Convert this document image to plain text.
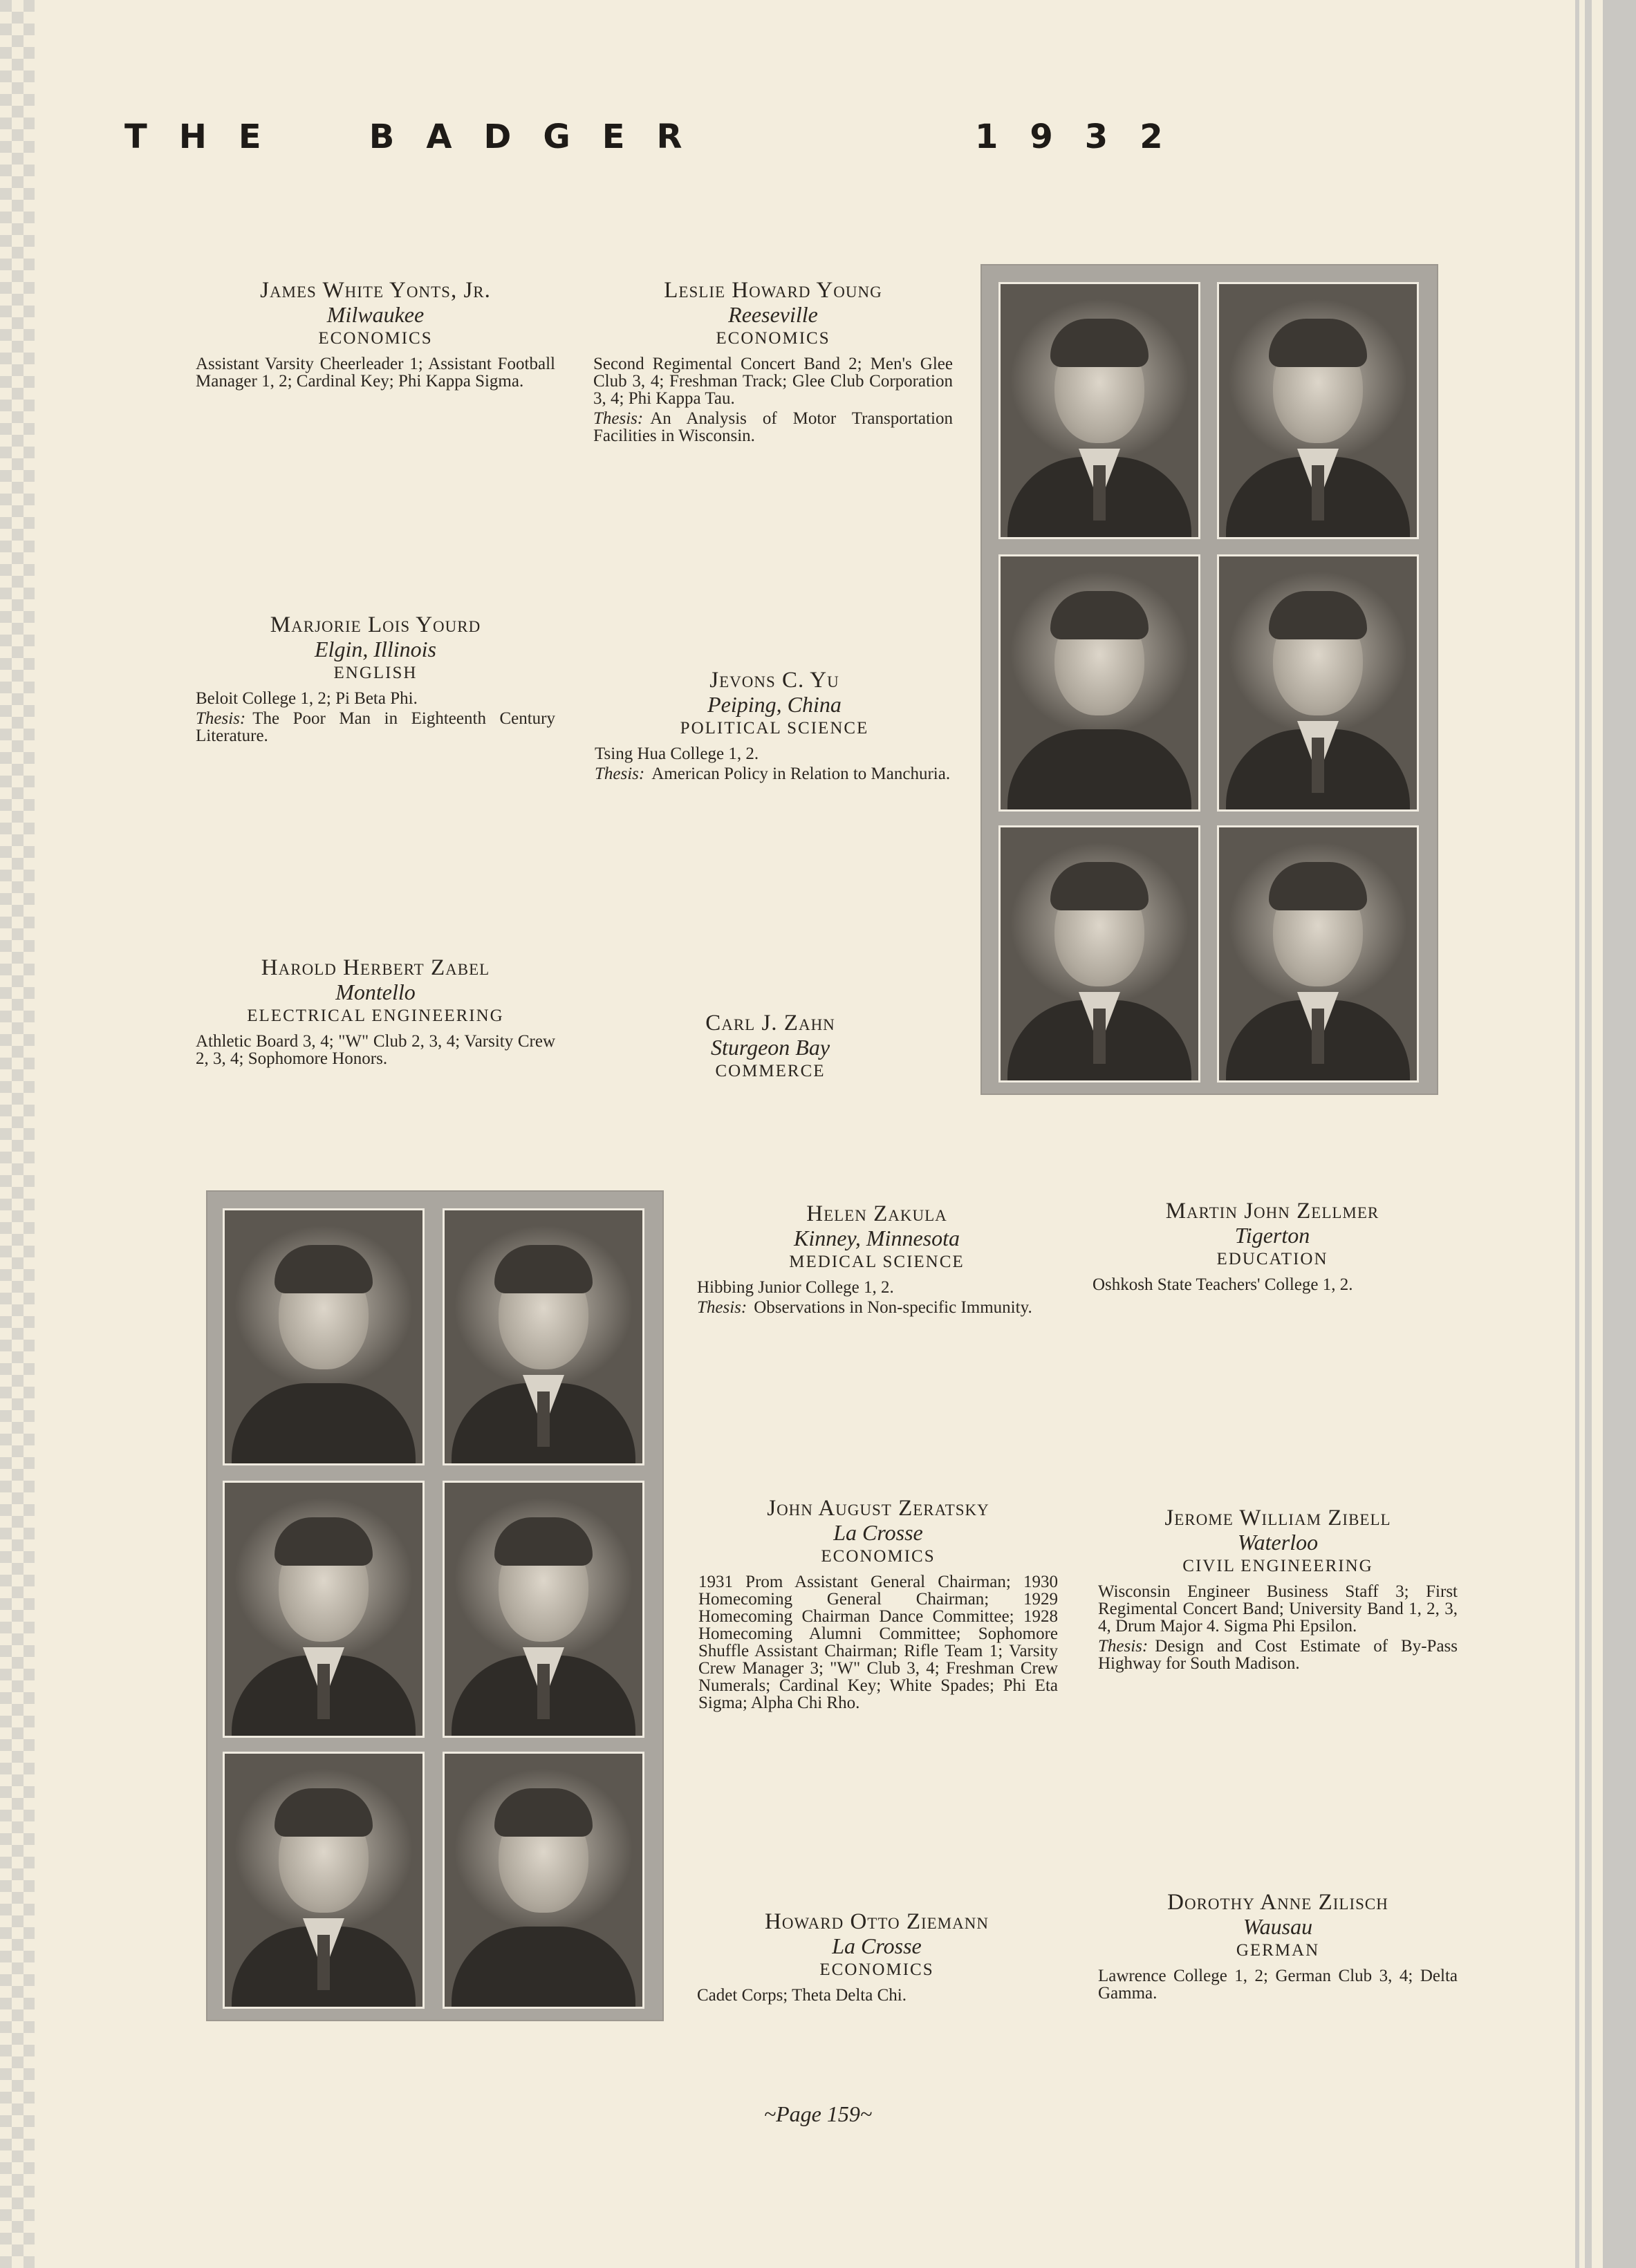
THE BADGER	1932
James White Yonts, Jr.
Milwaukee
ECONOMICS
Assistant Varsity Cheerleader 1; Assistant Football Manager 1, 2; Cardinal Key; Phi Kappa Sigma.
Leslie Howard Young
Reeseville
ECONOMICS
Second Regimental Concert Band 2; Men's Glee Club 3, 4; Freshman Track; Glee Club Corporation 3, 4; Phi Kappa Tau.
Thesis: An Analysis of Motor Transportation Facilities in Wisconsin.
Marjorie Lois Yourd
Elgin, Illinois
ENGLISH
Beloit College 1, 2; Pi Beta Phi.
Thesis: The Poor Man in Eighteenth Century Literature.
Jevons C. Yu
Peiping, China
POLITICAL SCIENCE
Tsing Hua College 1, 2.
Thesis: American Policy in Relation to Manchuria.
Harold Herbert Zabel
Montello
ELECTRICAL ENGINEERING
Athletic Board 3, 4; "W" Club 2, 3, 4; Varsity Crew 2, 3, 4; Sophomore Honors.
Carl J. Zahn
Sturgeon Bay
COMMERCE
Helen Zakula
Kinney, Minnesota
MEDICAL SCIENCE
Hibbing Junior College 1, 2.
Thesis: Observations in Non-specific Immunity.
Martin John Zellmer
Tigerton
EDUCATION
Oshkosh State Teachers' College 1, 2.
John August Zeratsky
La Crosse
ECONOMICS
1931 Prom Assistant General Chairman; 1930 Homecoming General Chairman; 1929 Homecoming Chairman Dance Committee; 1928 Homecoming Alumni Committee; Sophomore Shuffle Assistant Chairman; Rifle Team 1; Varsity Crew Manager 3; "W" Club 3, 4; Freshman Crew Numerals; Cardinal Key; White Spades; Phi Eta Sigma; Alpha Chi Rho.
Jerome William Zibell
Waterloo
CIVIL ENGINEERING
Wisconsin Engineer Business Staff 3; First Regimental Concert Band; University Band 1, 2, 3, 4, Drum Major 4. Sigma Phi Epsilon.
Thesis: Design and Cost Estimate of By-Pass Highway for South Madison.
Howard Otto Ziemann
La Crosse
ECONOMICS
Cadet Corps; Theta Delta Chi.
Dorothy Anne Zilisch
Wausau
GERMAN
Lawrence College 1, 2; German Club 3, 4; Delta Gamma.
~Page 159~
